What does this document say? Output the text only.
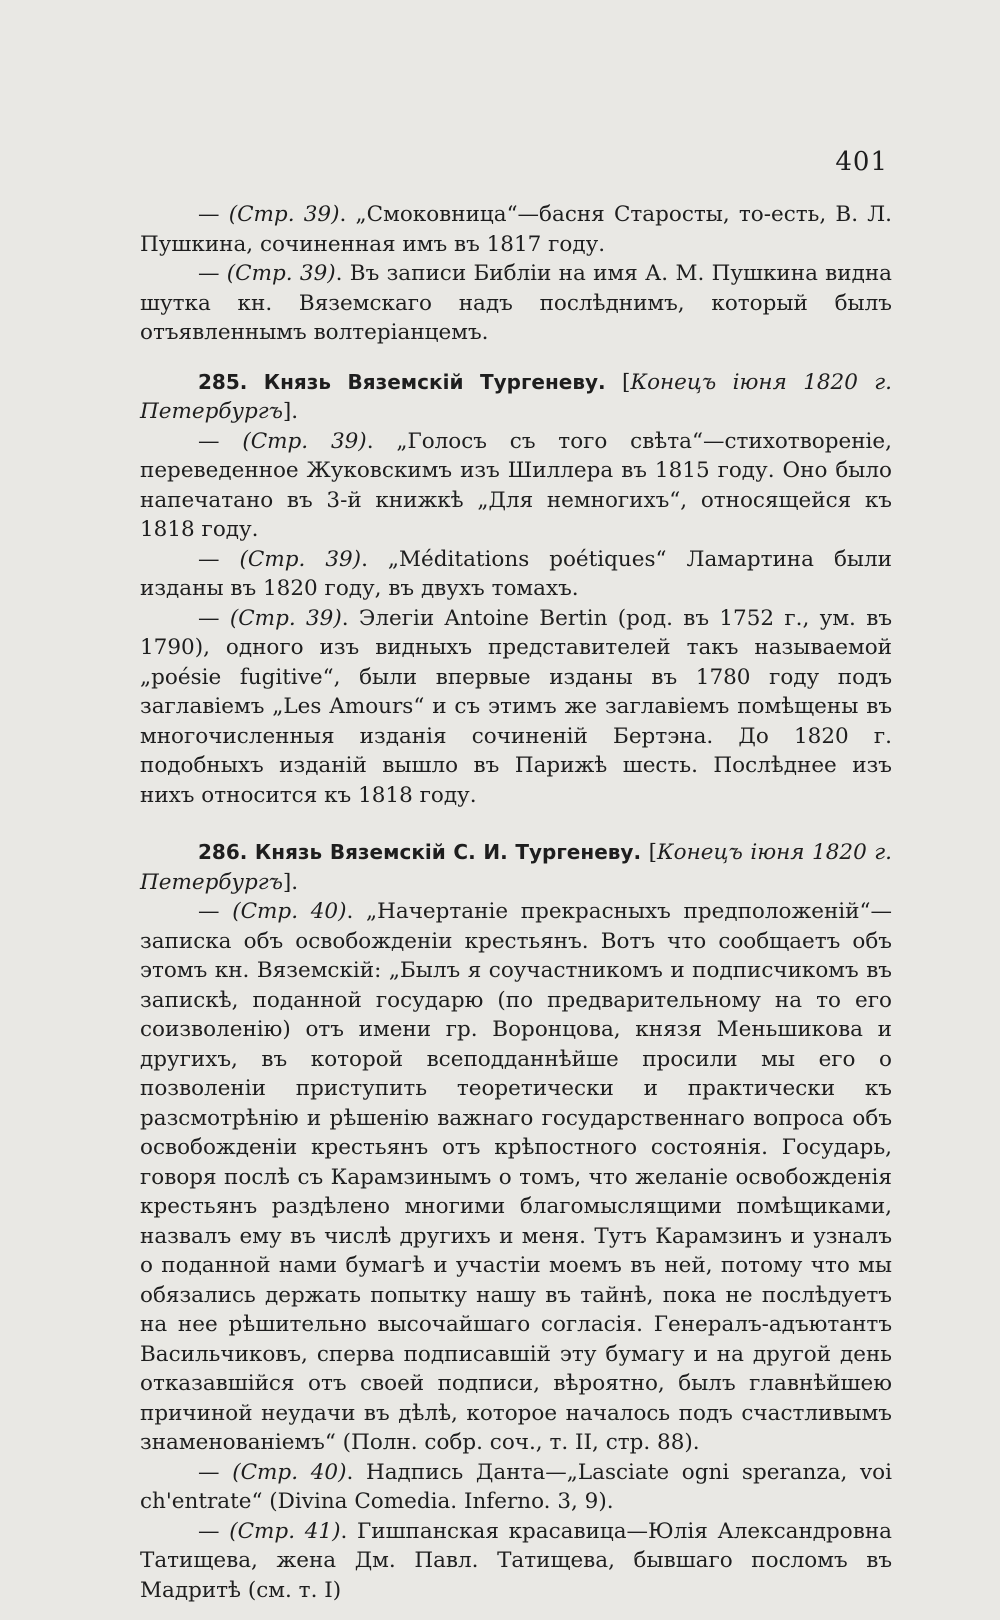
401

— (Стр. 39). „Смоковница“—басня Старосты, то-есть, В. Л. Пушкина, сочиненная имъ въ 1817 году.

— (Стр. 39). Въ записи Библіи на имя А. М. Пушкина видна шутка кн. Вяземскаго надъ послѣднимъ, который былъ отъявленнымъ волтеріанцемъ.

285. Князь Вяземскій Тургеневу. [Конецъ іюня 1820 г. Петербургъ].

— (Стр. 39). „Голосъ съ того свѣта“—стихотвореніе, переведенное Жуковскимъ изъ Шиллера въ 1815 году. Оно было напечатано въ 3-й книжкѣ „Для немногихъ“, относящейся къ 1818 году.

— (Стр. 39). „Méditations poétiques“ Ламартина были изданы въ 1820 году, въ двухъ томахъ.

— (Стр. 39). Элегіи Antoine Bertin (род. въ 1752 г., ум. въ 1790), одного изъ видныхъ представителей такъ называемой „poésie fugitive“, были впервые изданы въ 1780 году подъ заглавіемъ „Les Amours“ и съ этимъ же заглавіемъ помѣщены въ многочисленныя изданія сочиненій Бертэна. До 1820 г. подобныхъ изданій вышло въ Парижѣ шесть. Послѣднее изъ нихъ относится къ 1818 году.

286. Князь Вяземскій С. И. Тургеневу. [Конецъ іюня 1820 г. Петербургъ].

— (Стр. 40). „Начертаніе прекрасныхъ предположеній“—записка объ освобожденіи крестьянъ. Вотъ что сообщаетъ объ этомъ кн. Вяземскій: „Былъ я соучастникомъ и подписчикомъ въ запискѣ, поданной государю (по предварительному на то его соизволенію) отъ имени гр. Воронцова, князя Меньшикова и другихъ, въ которой всеподданнѣйше просили мы его о позволеніи приступить теоретически и практически къ разсмотрѣнію и рѣшенію важнаго государственнаго вопроса объ освобожденіи крестьянъ отъ крѣпостного состоянія. Государь, говоря послѣ съ Карамзинымъ о томъ, что желаніе освобожденія крестьянъ раздѣлено многими благомыслящими помѣщиками, назвалъ ему въ числѣ другихъ и меня. Тутъ Карамзинъ и узналъ о поданной нами бумагѣ и участіи моемъ въ ней, потому что мы обязались держать попытку нашу въ тайнѣ, пока не послѣдуетъ на нее рѣшительно высочайшаго согласія. Генералъ-адъютантъ Васильчиковъ, сперва подписавшій эту бумагу и на другой день отказавшійся отъ своей подписи, вѣроятно, былъ главнѣйшею причиной неудачи въ дѣлѣ, которое началось подъ счастливымъ знаменованіемъ“ (Полн. собр. соч., т. II, стр. 88).

— (Стр. 40). Надпись Данта—„Lasciate ogni speranza, voi ch'entrate“ (Divina Comedia. Inferno. 3, 9).

— (Стр. 41). Гишпанская красавица—Юлія Александровна Татищева, жена Дм. Павл. Татищева, бывшаго посломъ въ Мадритѣ (см. т. I)
